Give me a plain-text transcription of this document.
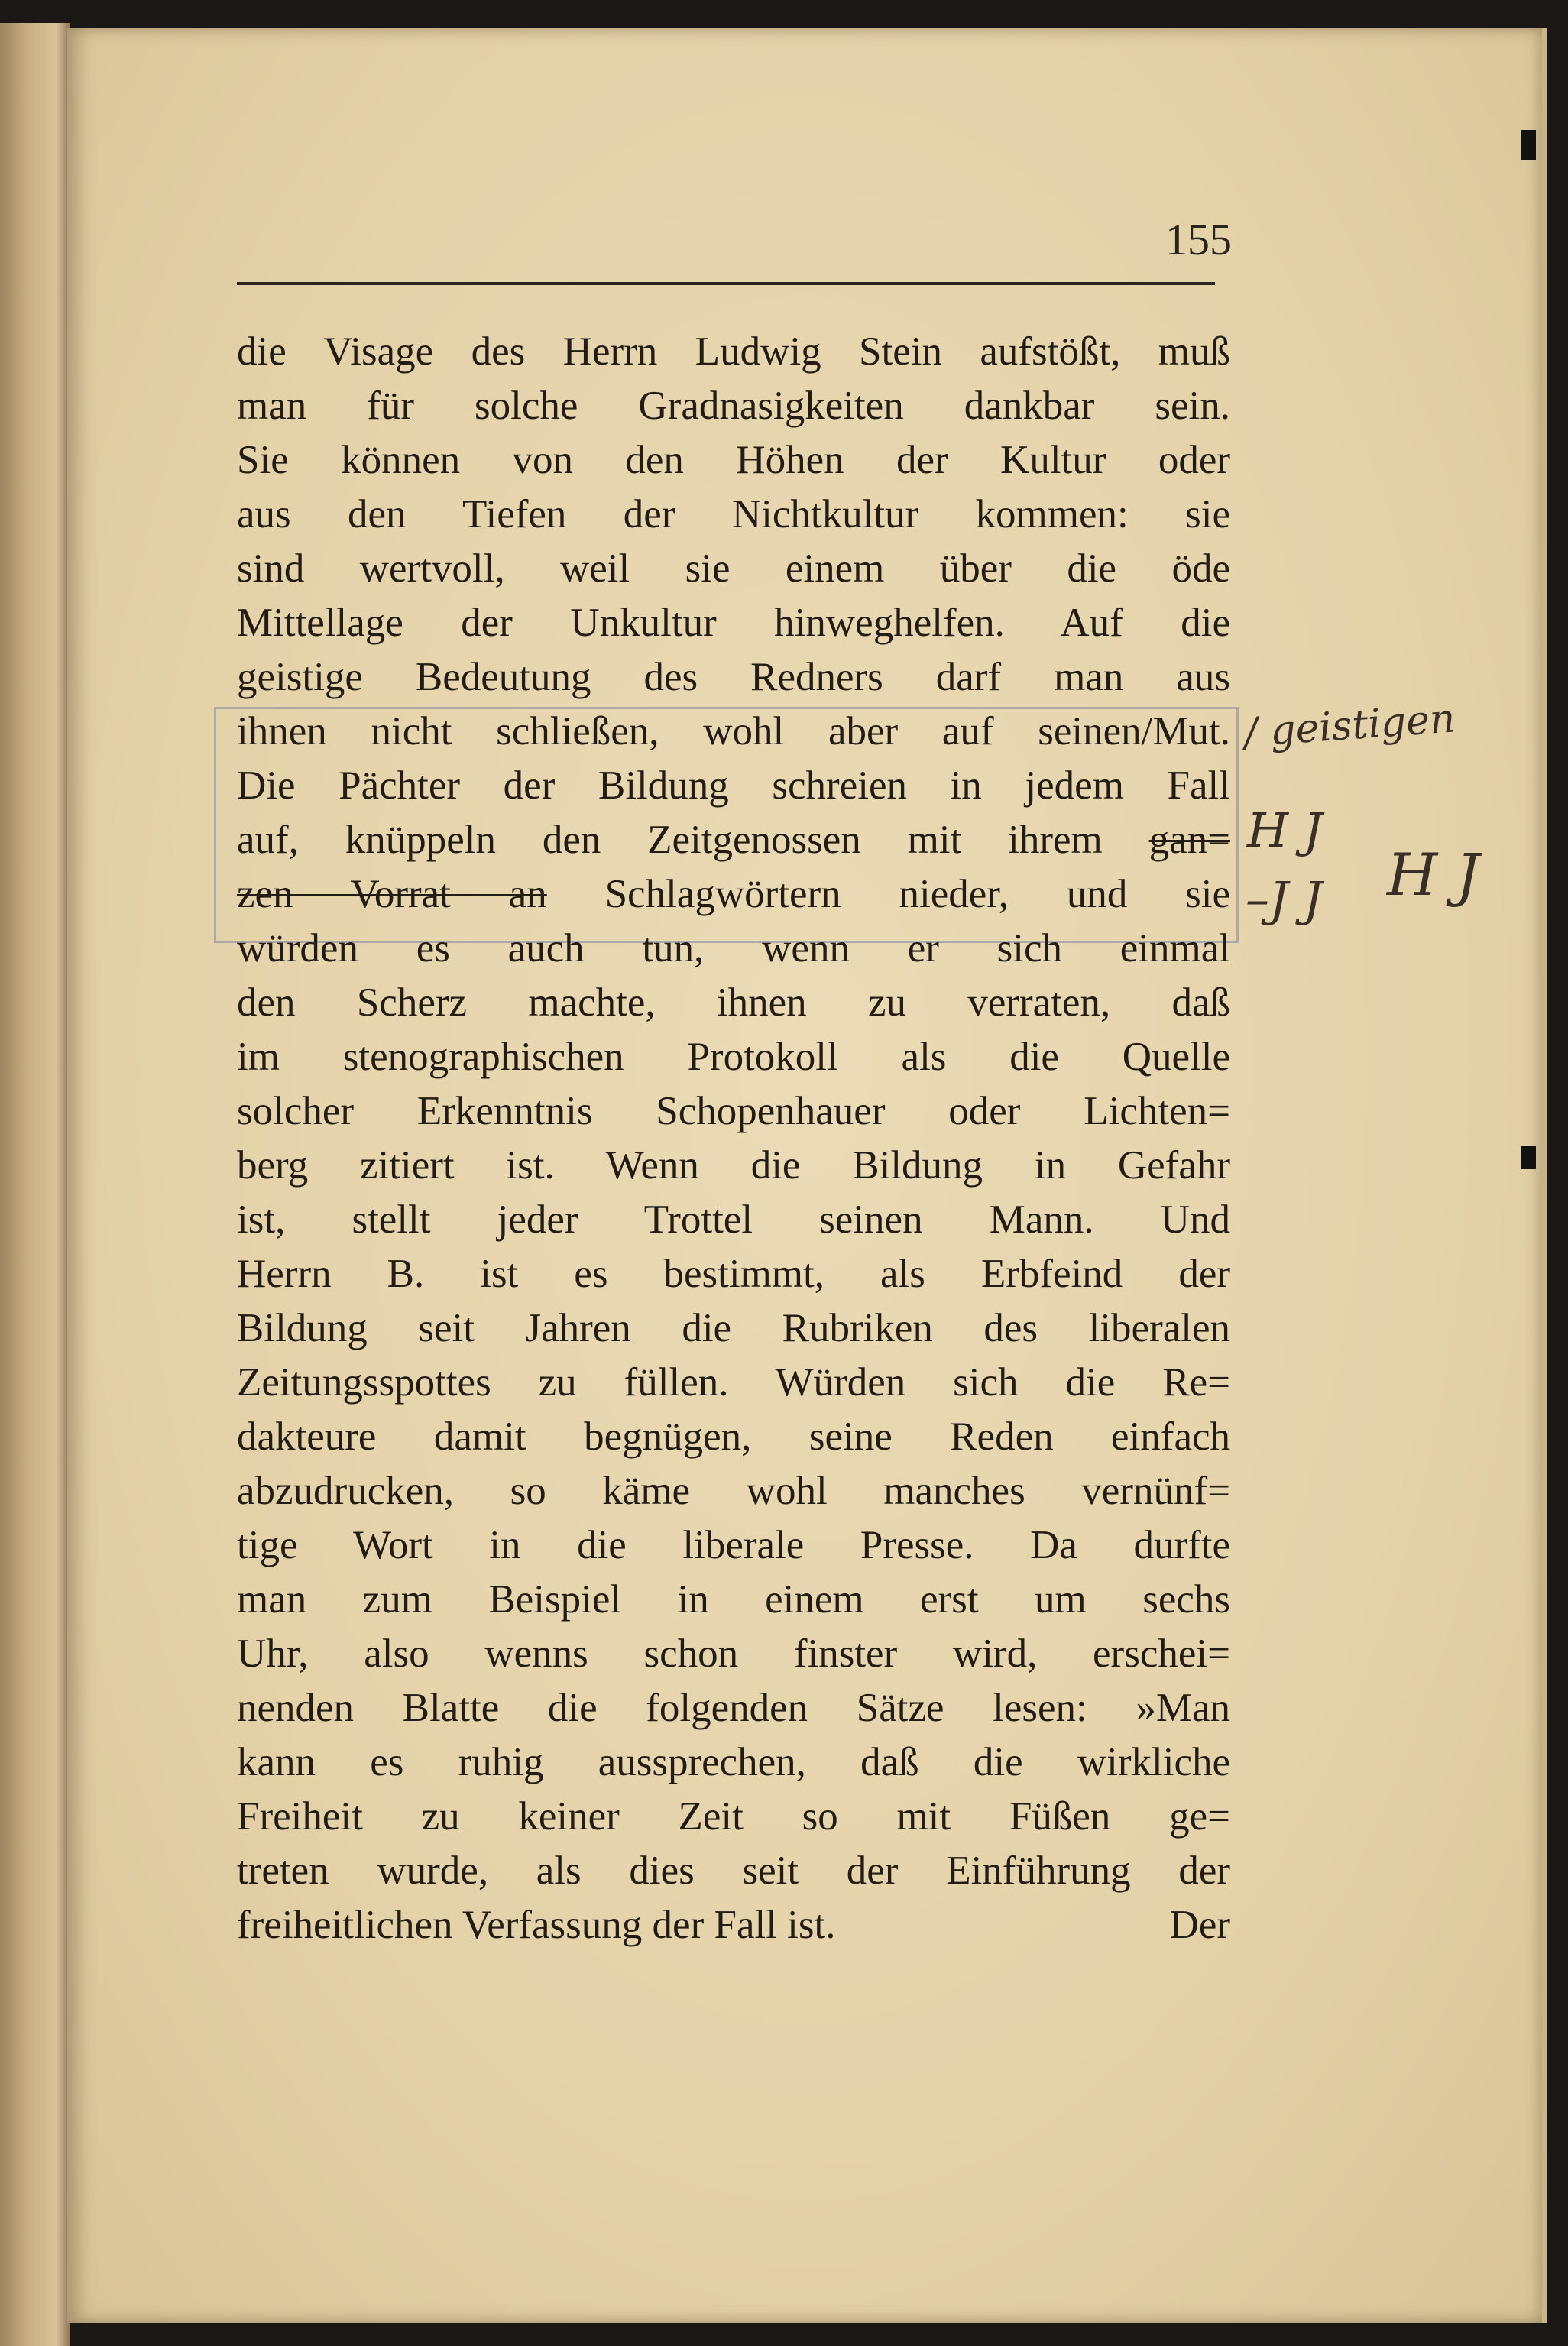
155
die Visage des Herrn Ludwig Stein aufstößt, muß
man für solche Gradnasigkeiten dankbar sein.
Sie können von den Höhen der Kultur oder
aus den Tiefen der Nichtkultur kommen: sie
sind wertvoll, weil sie einem über die öde
Mittellage der Unkultur hinweghelfen. Auf die
geistige Bedeutung des Redners darf man aus
ihnen nicht schließen, wohl aber auf seinen/Mut.
Die Pächter der Bildung schreien in jedem Fall
auf, knüppeln den Zeitgenossen mit ihrem gan=
zen Vorrat an Schlagwörtern nieder, und sie
würden es auch tun, wenn er sich einmal
den Scherz machte, ihnen zu verraten, daß
im stenographischen Protokoll als die Quelle
solcher Erkenntnis Schopenhauer oder Lichten=
berg zitiert ist. Wenn die Bildung in Gefahr
ist, stellt jeder Trottel seinen Mann. Und
Herrn B. ist es bestimmt, als Erbfeind der
Bildung seit Jahren die Rubriken des liberalen
Zeitungsspottes zu füllen. Würden sich die Re=
dakteure damit begnügen, seine Reden einfach
abzudrucken, so käme wohl manches vernünf=
tige Wort in die liberale Presse. Da durfte
man zum Beispiel in einem erst um sechs
Uhr, also wenns schon finster wird, erschei=
nenden Blatte die folgenden Sätze lesen: »Man
kann es ruhig aussprechen, daß die wirkliche
Freiheit zu keiner Zeit so mit Füßen ge=
treten wurde, als dies seit der Einführung der
freiheitlichen Verfassung der Fall ist.	Der
/ geistigen
H J
–J J H J
